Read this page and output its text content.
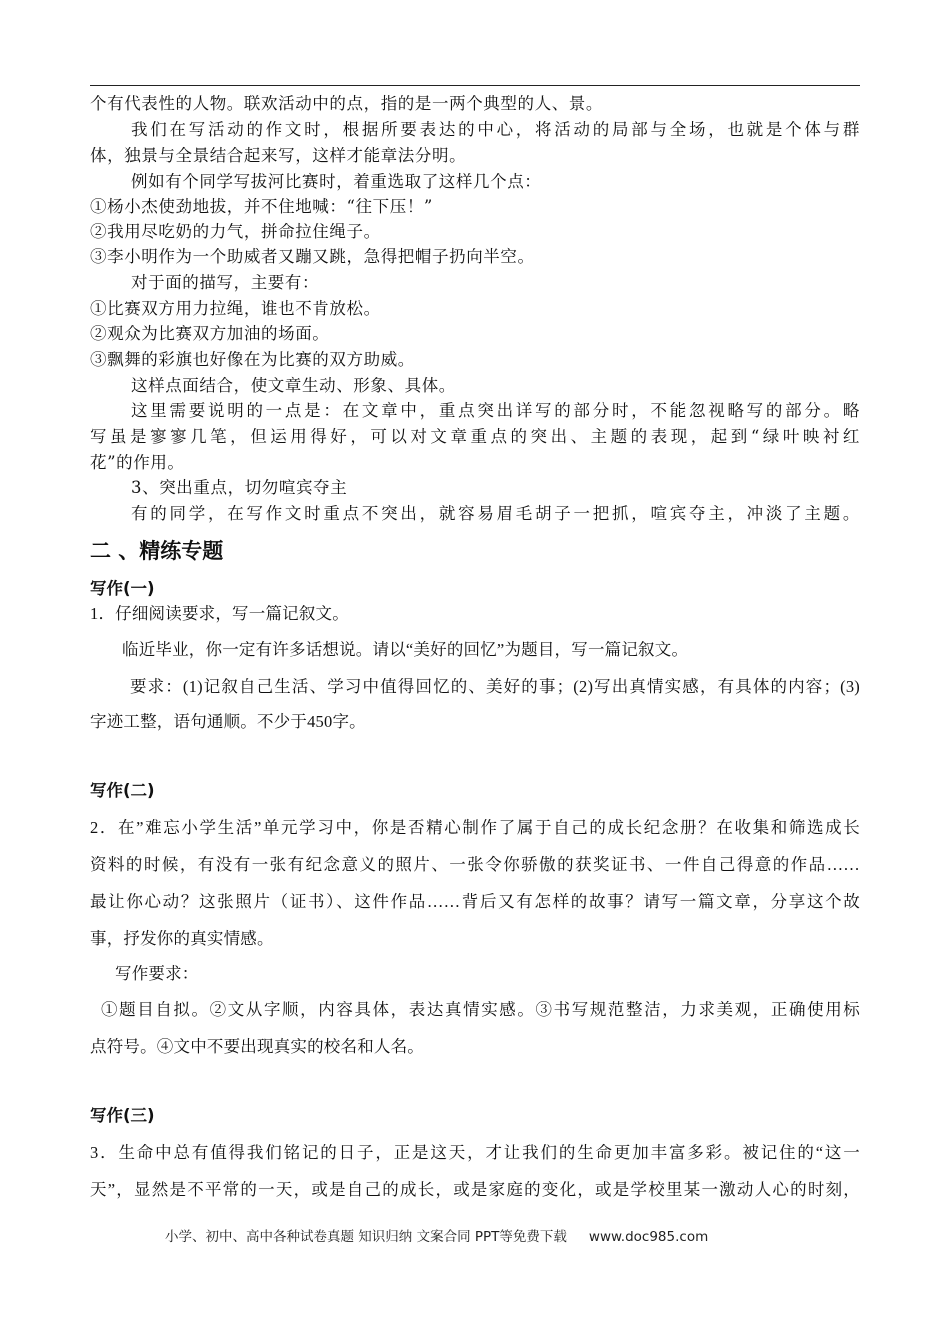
个有代表性的人物。联欢活动中的点，指的是一两个典型的人、景。
我们在写活动的作文时，根据所要表达的中心，将活动的局部与全场，也就是个体与群
体，独景与全景结合起来写，这样才能章法分明。
例如有个同学写拔河比赛时，着重选取了这样几个点：
①杨小杰使劲地拔，并不住地喊：“往下压！”
②我用尽吃奶的力气，拼命拉住绳子。
③李小明作为一个助威者又蹦又跳，急得把帽子扔向半空。
对于面的描写，主要有：
①比赛双方用力拉绳，谁也不肯放松。
②观众为比赛双方加油的场面。
③飘舞的彩旗也好像在为比赛的双方助威。
这样点面结合，使文章生动、形象、具体。
这里需要说明的一点是：在文章中，重点突出详写的部分时，不能忽视略写的部分。略
写虽是寥寥几笔，但运用得好，可以对文章重点的突出、主题的表现，起到“绿叶映衬红
花”的作用。
3、突出重点，切勿喧宾夺主
有的同学，在写作文时重点不突出，就容易眉毛胡子一把抓，喧宾夺主，冲淡了主题。
二 、精练专题
写作(一)
1．仔细阅读要求，写一篇记叙文。
临近毕业，你一定有许多话想说。请以“美好的回忆”为题目，写一篇记叙文。
要求：(1)记叙自己生活、学习中值得回忆的、美好的事；(2)写出真情实感，有具体的内容；(3)
字迹工整，语句通顺。不少于450字。
写作(二)
2．在”难忘小学生活”单元学习中，你是否精心制作了属于自己的成长纪念册？在收集和筛选成长
资料的时候，有没有一张有纪念意义的照片、一张令你骄傲的获奖证书、一件自己得意的作品……
最让你心动？这张照片（证书）、这件作品……背后又有怎样的故事？请写一篇文章，分享这个故
事，抒发你的真实情感。
写作要求：
①题目自拟。②文从字顺，内容具体，表达真情实感。③书写规范整洁，力求美观，正确使用标
点符号。④文中不要出现真实的校名和人名。
写作(三)
3．生命中总有值得我们铭记的日子，正是这天，才让我们的生命更加丰富多彩。被记住的“这一
天”，显然是不平常的一天，或是自己的成长，或是家庭的变化，或是学校里某一激动人心的时刻，
小学、初中、高中各种试卷真题 知识归纳 文案合同 PPT等免费下载 www.doc985.com
